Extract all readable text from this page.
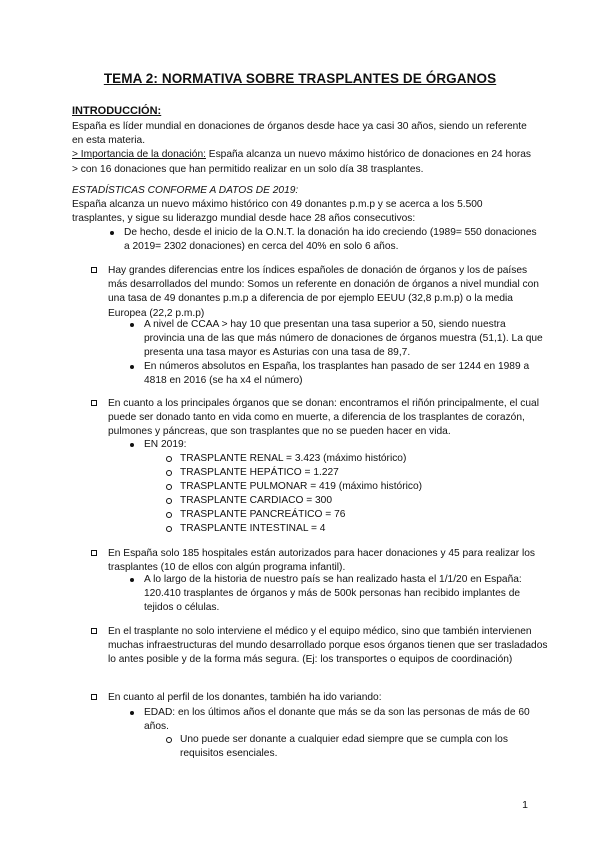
TEMA 2: NORMATIVA SOBRE TRASPLANTES DE ÓRGANOS
INTRODUCCIÓN:

España es líder mundial en donaciones de órganos desde hace ya casi 30 años, siendo un referente en esta materia.

> Importancia de la donación: España alcanza un nuevo máximo histórico de donaciones en 24 horas > con 16 donaciones que han permitido realizar en un solo día 38 trasplantes.

ESTADÍSTICAS CONFORME A DATOS DE 2019:
España alcanza un nuevo máximo histórico con 49 donantes p.m.p y se acerca a los 5.500 trasplantes, y sigue su liderazgo mundial desde hace 28 años consecutivos:
De hecho, desde el inicio de la O.N.T. la donación ha ido creciendo (1989= 550 donaciones a 2019= 2302 donaciones) en cerca del 40% en solo 6 años.
Hay grandes diferencias entre los índices españoles de donación de órganos y los de países más desarrollados del mundo: Somos un referente en donación de órganos a nivel mundial con una tasa de 49 donantes p.m.p a diferencia de por ejemplo EEUU (32,8 p.m.p) o la media Europea (22,2 p.m.p)
A nivel de CCAA > hay 10 que presentan una tasa superior a 50, siendo nuestra provincia una de las que más número de donaciones de órganos muestra (51,1). La que presenta una tasa mayor es Asturias con una tasa de 89,7.
En números absolutos en España, los trasplantes han pasado de ser 1244 en 1989 a 4818 en 2016 (se ha x4 el número)
En cuanto a los principales órganos que se donan: encontramos el riñón principalmente, el cual puede ser donado tanto en vida como en muerte, a diferencia de los trasplantes de corazón, pulmones y páncreas, que son trasplantes que no se pueden hacer en vida.
EN 2019:
TRASPLANTE RENAL = 3.423 (máximo histórico)
TRASPLANTE HEPÁTICO = 1.227
TRASPLANTE PULMONAR = 419 (máximo histórico)
TRASPLANTE CARDIACO = 300
TRASPLANTE PANCREÁTICO = 76
TRASPLANTE INTESTINAL = 4
En España solo 185 hospitales están autorizados para hacer donaciones y 45 para realizar los trasplantes (10 de ellos con algún programa infantil).
A lo largo de la historia de nuestro país se han realizado hasta el 1/1/20 en España: 120.410 trasplantes de órganos y más de 500k personas han recibido implantes de tejidos o células.
En el trasplante no solo interviene el médico y el equipo médico, sino que también intervienen muchas infraestructuras del mundo desarrollado porque esos órganos tienen que ser trasladados lo antes posible y de la forma más segura. (Ej: los transportes o equipos de coordinación)
En cuanto al perfil de los donantes, también ha ido variando:
EDAD: en los últimos años el donante que más se da son las personas de más de 60 años.
Uno puede ser donante a cualquier edad siempre que se cumpla con los requisitos esenciales.
1
